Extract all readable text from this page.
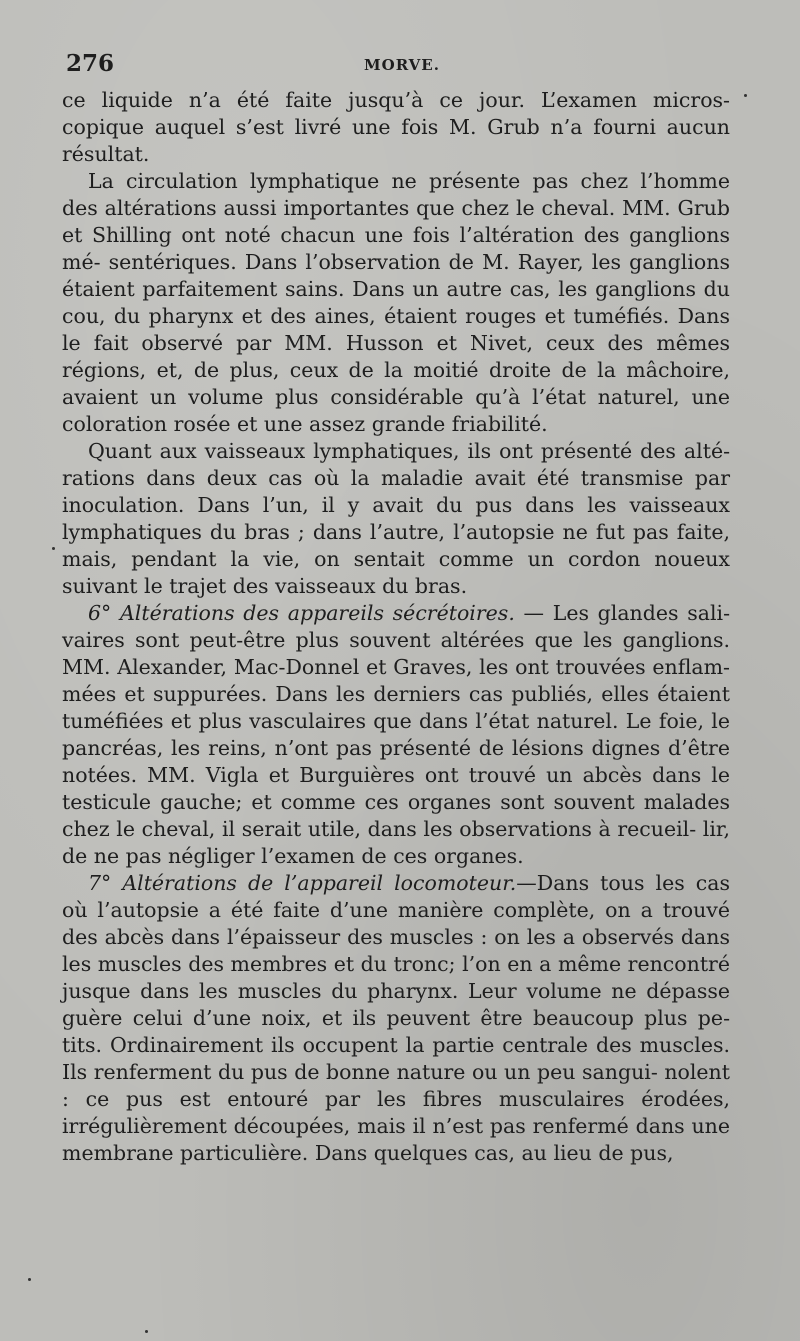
276	MORVE.

ce liquide n’a été faite jusqu’à ce jour. L’examen micros- copique auquel s’est livré une fois M. Grub n’a fourni aucun résultat.

La circulation lymphatique ne présente pas chez l’homme des altérations aussi importantes que chez le cheval. MM. Grub et Shilling ont noté chacun une fois l’altération des ganglions mé- sentériques. Dans l’observation de M. Rayer, les ganglions étaient parfaitement sains. Dans un autre cas, les ganglions du cou, du pharynx et des aines, étaient rouges et tuméfiés. Dans le fait observé par MM. Husson et Nivet, ceux des mêmes régions, et, de plus, ceux de la moitié droite de la mâchoire, avaient un volume plus considérable qu’à l’état naturel, une coloration rosée et une assez grande friabilité.

Quant aux vaisseaux lymphatiques, ils ont présenté des alté- rations dans deux cas où la maladie avait été transmise par inoculation. Dans l’un, il y avait du pus dans les vaisseaux lymphatiques du bras ; dans l’autre, l’autopsie ne fut pas faite, mais, pendant la vie, on sentait comme un cordon noueux suivant le trajet des vaisseaux du bras.

6° Altérations des appareils sécrétoires. — Les glandes sali- vaires sont peut-être plus souvent altérées que les ganglions. MM. Alexander, Mac-Donnel et Graves, les ont trouvées enflam- mées et suppurées. Dans les derniers cas publiés, elles étaient tuméfiées et plus vasculaires que dans l’état naturel. Le foie, le pancréas, les reins, n’ont pas présenté de lésions dignes d’être notées. MM. Vigla et Burguières ont trouvé un abcès dans le testicule gauche; et comme ces organes sont souvent malades chez le cheval, il serait utile, dans les observations à recueil- lir, de ne pas négliger l’examen de ces organes.

7° Altérations de l’appareil locomoteur.—Dans tous les cas où l’autopsie a été faite d’une manière complète, on a trouvé des abcès dans l’épaisseur des muscles : on les a observés dans les muscles des membres et du tronc; l’on en a même rencontré jusque dans les muscles du pharynx. Leur volume ne dépasse guère celui d’une noix, et ils peuvent être beaucoup plus pe- tits. Ordinairement ils occupent la partie centrale des muscles. Ils renferment du pus de bonne nature ou un peu sangui- nolent : ce pus est entouré par les fibres musculaires érodées, irrégulièrement découpées, mais il n’est pas renfermé dans une membrane particulière. Dans quelques cas, au lieu de pus,
